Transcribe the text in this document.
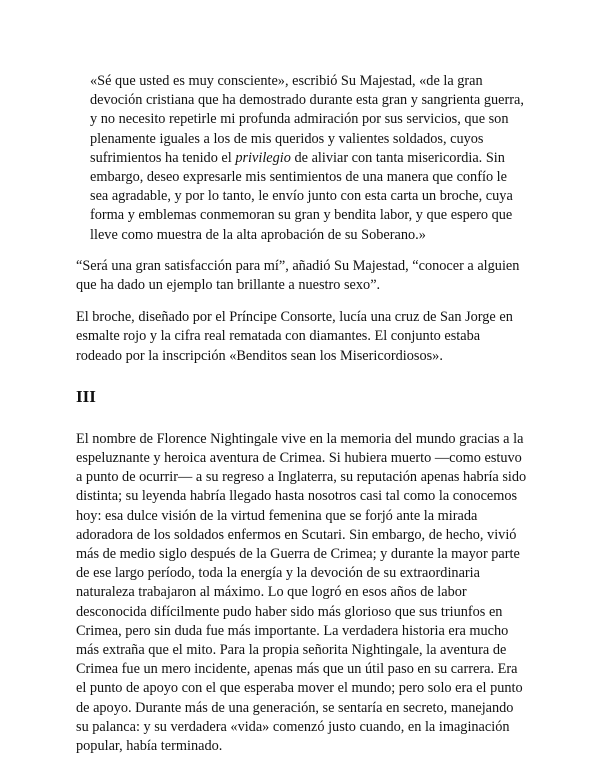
«Sé que usted es muy consciente», escribió Su Majestad, «de la gran devoción cristiana que ha demostrado durante esta gran y sangrienta guerra, y no necesito repetirle mi profunda admiración por sus servicios, que son plenamente iguales a los de mis queridos y valientes soldados, cuyos sufrimientos ha tenido el privilegio de aliviar con tanta misericordia. Sin embargo, deseo expresarle mis sentimientos de una manera que confío le sea agradable, y por lo tanto, le envío junto con esta carta un broche, cuya forma y emblemas conmemoran su gran y bendita labor, y que espero que lleve como muestra de la alta aprobación de su Soberano.»

“Será una gran satisfacción para mí”, añadió Su Majestad, “conocer a alguien que ha dado un ejemplo tan brillante a nuestro sexo”.

El broche, diseñado por el Príncipe Consorte, lucía una cruz de San Jorge en esmalte rojo y la cifra real rematada con diamantes. El conjunto estaba rodeado por la inscripción «Benditos sean los Misericordiosos».

III

El nombre de Florence Nightingale vive en la memoria del mundo gracias a la espeluznante y heroica aventura de Crimea. Si hubiera muerto —como estuvo a punto de ocurrir— a su regreso a Inglaterra, su reputación apenas habría sido distinta; su leyenda habría llegado hasta nosotros casi tal como la conocemos hoy: esa dulce visión de la virtud femenina que se forjó ante la mirada adoradora de los soldados enfermos en Scutari. Sin embargo, de hecho, vivió más de medio siglo después de la Guerra de Crimea; y durante la mayor parte de ese largo período, toda la energía y la devoción de su extraordinaria naturaleza trabajaron al máximo. Lo que logró en esos años de labor desconocida difícilmente pudo haber sido más glorioso que sus triunfos en Crimea, pero sin duda fue más importante. La verdadera historia era mucho más extraña que el mito. Para la propia señorita Nightingale, la aventura de Crimea fue un mero incidente, apenas más que un útil paso en su carrera. Era el punto de apoyo con el que esperaba mover el mundo; pero solo era el punto de apoyo. Durante más de una generación, se sentaría en secreto, manejando su palanca: y su verdadera «vida» comenzó justo cuando, en la imaginación popular, había terminado.
